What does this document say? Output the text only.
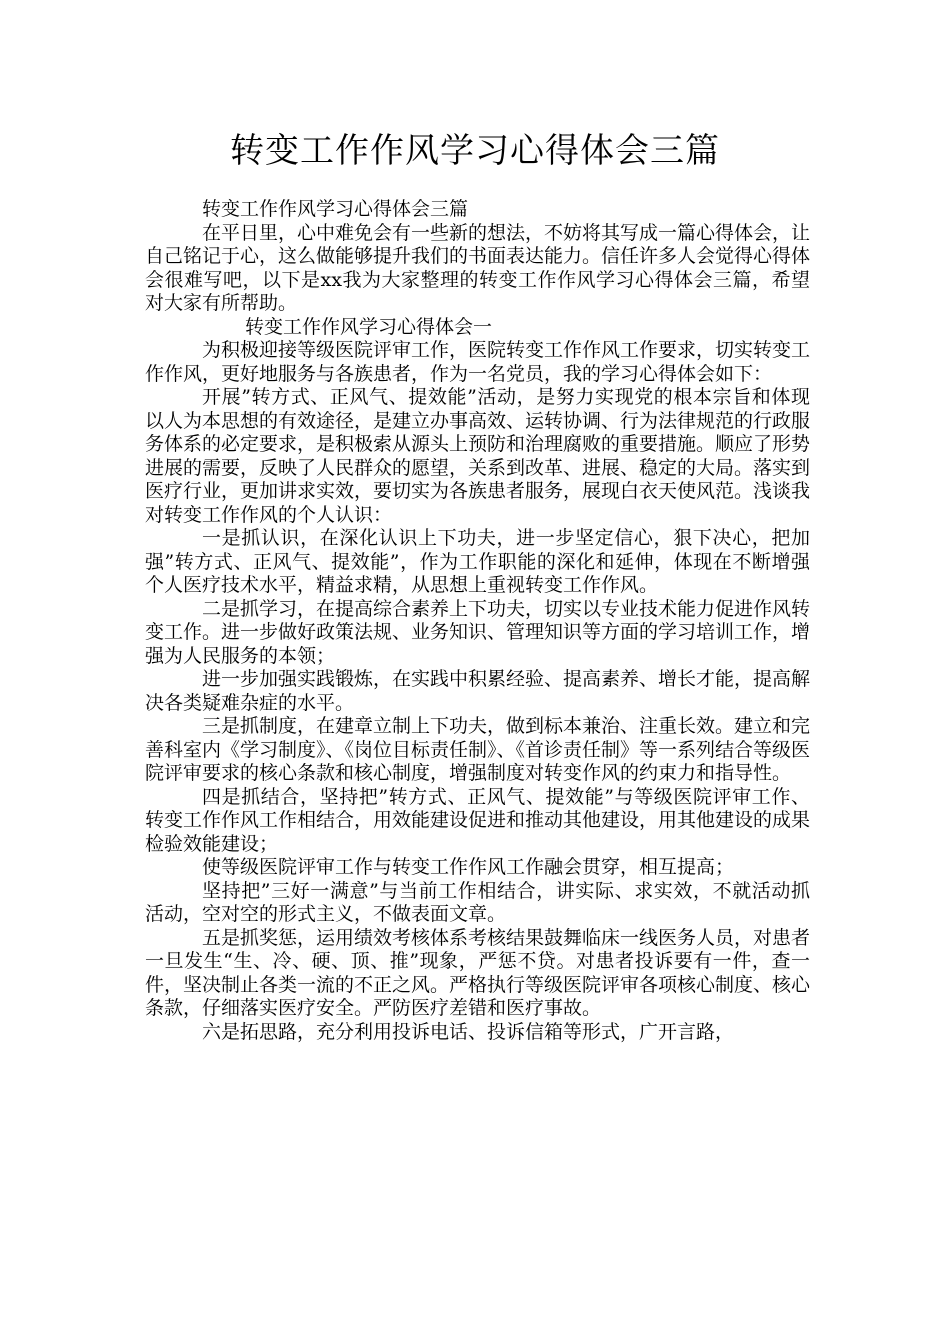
转变工作作风学习心得体会三篇

转变工作作风学习心得体会三篇

在平日里，心中难免会有一些新的想法，不妨将其写成一篇心得体会，让自己铭记于心，这么做能够提升我们的书面表达能力。信任许多人会觉得心得体会很难写吧，以下是xx我为大家整理的转变工作作风学习心得体会三篇，希望对大家有所帮助。

转变工作作风学习心得体会一

为积极迎接等级医院评审工作，医院转变工作作风工作要求，切实转变工作作风，更好地服务与各族患者，作为一名党员，我的学习心得体会如下：

开展”转方式、正风气、提效能”活动，是努力实现党的根本宗旨和体现以人为本思想的有效途径，是建立办事高效、运转协调、行为法律规范的行政服务体系的必定要求，是积极索从源头上预防和治理腐败的重要措施。顺应了形势进展的需要，反映了人民群众的愿望，关系到改革、进展、稳定的大局。落实到医疗行业，更加讲求实效，要切实为各族患者服务，展现白衣天使风范。浅谈我对转变工作作风的个人认识：

一是抓认识，在深化认识上下功夫，进一步坚定信心，狠下决心，把加强”转方式、正风气、提效能”，作为工作职能的深化和延伸，体现在不断增强个人医疗技术水平，精益求精，从思想上重视转变工作作风。

二是抓学习，在提高综合素养上下功夫，切实以专业技术能力促进作风转变工作。进一步做好政策法规、业务知识、管理知识等方面的学习培训工作，增强为人民服务的本领；

进一步加强实践锻炼，在实践中积累经验、提高素养、增长才能，提高解决各类疑难杂症的水平。

三是抓制度，在建章立制上下功夫，做到标本兼治、注重长效。建立和完善科室内《学习制度》、《岗位目标责任制》、《首诊责任制》等一系列结合等级医院评审要求的核心条款和核心制度，增强制度对转变作风的约束力和指导性。

四是抓结合，坚持把”转方式、正风气、提效能”与等级医院评审工作、转变工作作风工作相结合，用效能建设促进和推动其他建设，用其他建设的成果检验效能建设；

使等级医院评审工作与转变工作作风工作融会贯穿，相互提高；

坚持把”三好一满意”与当前工作相结合，讲实际、求实效，不就活动抓活动，空对空的形式主义，不做表面文章。

五是抓奖惩，运用绩效考核体系考核结果鼓舞临床一线医务人员，对患者一旦发生“生、冷、硬、顶、推”现象，严惩不贷。对患者投诉要有一件，查一件，坚决制止各类一流的不正之风。严格执行等级医院评审各项核心制度、核心条款，仔细落实医疗安全。严防医疗差错和医疗事故。

六是拓思路，充分利用投诉电话、投诉信箱等形式，广开言路，
